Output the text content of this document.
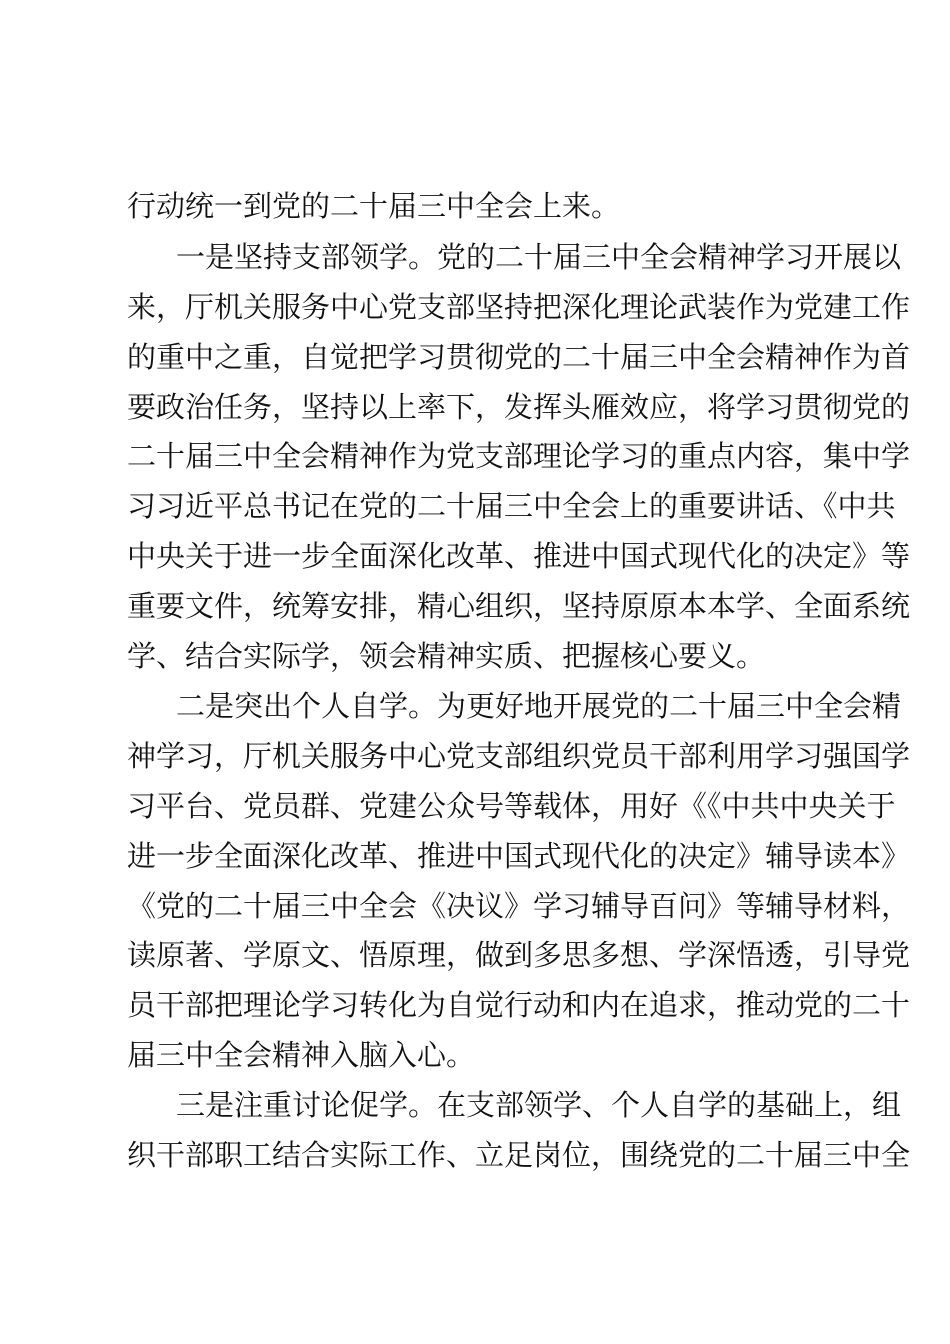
行动统一到党的二十届三中全会上来。

一是坚持支部领学。党的二十届三中全会精神学习开展以

来，厅机关服务中心党支部坚持把深化理论武装作为党建工作

的重中之重，自觉把学习贯彻党的二十届三中全会精神作为首

要政治任务，坚持以上率下，发挥头雁效应，将学习贯彻党的

二十届三中全会精神作为党支部理论学习的重点内容，集中学

习习近平总书记在党的二十届三中全会上的重要讲话、《中共

中央关于进一步全面深化改革、推进中国式现代化的决定》等

重要文件，统筹安排，精心组织，坚持原原本本学、全面系统

学、结合实际学，领会精神实质、把握核心要义。

二是突出个人自学。为更好地开展党的二十届三中全会精

神学习，厅机关服务中心党支部组织党员干部利用学习强国学

习平台、党员群、党建公众号等载体，用好《《中共中央关于

进一步全面深化改革、推进中国式现代化的决定》辅导读本》

《党的二十届三中全会《决议》学习辅导百问》等辅导材料，

读原著、学原文、悟原理，做到多思多想、学深悟透，引导党

员干部把理论学习转化为自觉行动和内在追求，推动党的二十

届三中全会精神入脑入心。

三是注重讨论促学。在支部领学、个人自学的基础上，组

织干部职工结合实际工作、立足岗位，围绕党的二十届三中全
